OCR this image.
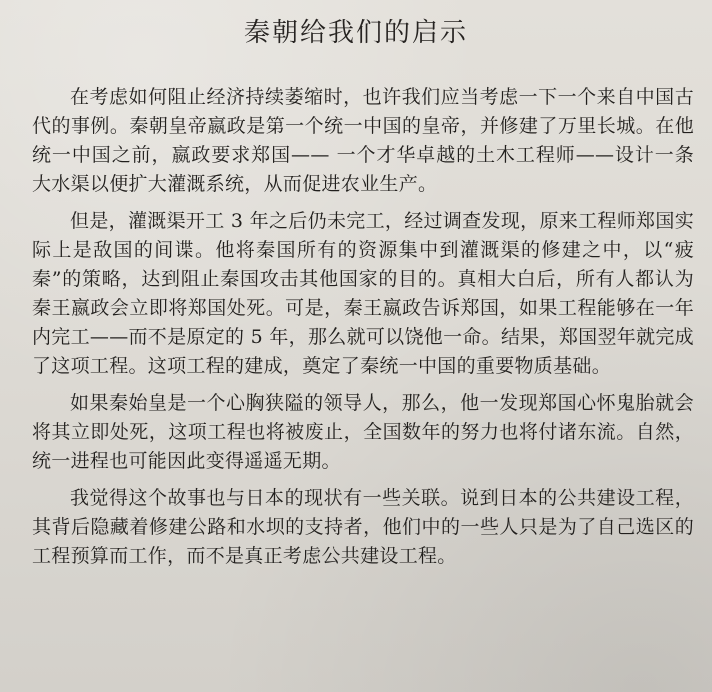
秦朝给我们的启示

在考虑如何阻止经济持续萎缩时，也许我们应当考虑一下一个来自中国古代的事例。秦朝皇帝嬴政是第一个统一中国的皇帝，并修建了万里长城。在他统一中国之前，嬴政要求郑国—— 一个才华卓越的土木工程师——设计一条大水渠以便扩大灌溉系统，从而促进农业生产。

但是，灌溉渠开工 3 年之后仍未完工，经过调查发现，原来工程师郑国实际上是敌国的间谍。他将秦国所有的资源集中到灌溉渠的修建之中，以“疲秦”的策略，达到阻止秦国攻击其他国家的目的。真相大白后，所有人都认为秦王嬴政会立即将郑国处死。可是，秦王嬴政告诉郑国，如果工程能够在一年内完工——而不是原定的 5 年，那么就可以饶他一命。结果，郑国翌年就完成了这项工程。这项工程的建成，奠定了秦统一中国的重要物质基础。

如果秦始皇是一个心胸狭隘的领导人，那么，他一发现郑国心怀鬼胎就会将其立即处死，这项工程也将被废止，全国数年的努力也将付诸东流。自然，统一进程也可能因此变得遥遥无期。

我觉得这个故事也与日本的现状有一些关联。说到日本的公共建设工程，其背后隐藏着修建公路和水坝的支持者，他们中的一些人只是为了自己选区的工程预算而工作，而不是真正考虑公共建设工程。
